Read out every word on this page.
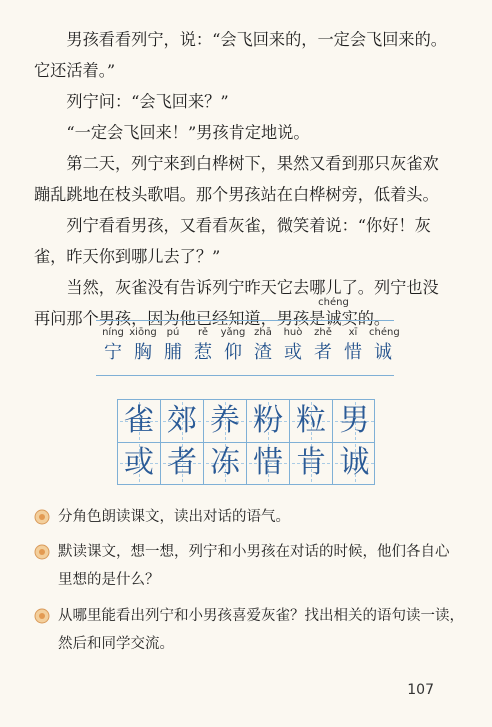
男孩看看列宁，说：“会飞回来的，一定会飞回来的。
它还活着。”

列宁问：“会飞回来？”

“一定会飞回来！”男孩肯定地说。

第二天，列宁来到白桦树下，果然又看到那只灰雀欢
蹦乱跳地在枝头歌唱。那个男孩站在白桦树旁，低着头。

列宁看看男孩，又看看灰雀，微笑着说：“你好！灰
雀，昨天你到哪儿去了？”

当然，灰雀没有告诉列宁昨天它去哪儿了。列宁也没
再问那个男孩，因为他已经知道，男孩是
chéng
诚实的。

níng
宁
xiōng
胸
pú
脯
rě
惹
yǎng
仰
zhā
渣
huò
或
zhě
者
xī
惜
chéng
诚
雀 郊 养 粉 粒 男
或 者 冻 惜 肯 诚
分角色朗读课文，读出对话的语气。
默读课文，想一想，列宁和小男孩在对话的时候，他们各自心
里想的是什么？
从哪里能看出列宁和小男孩喜爱灰雀？找出相关的语句读一读，
然后和同学交流。
107
